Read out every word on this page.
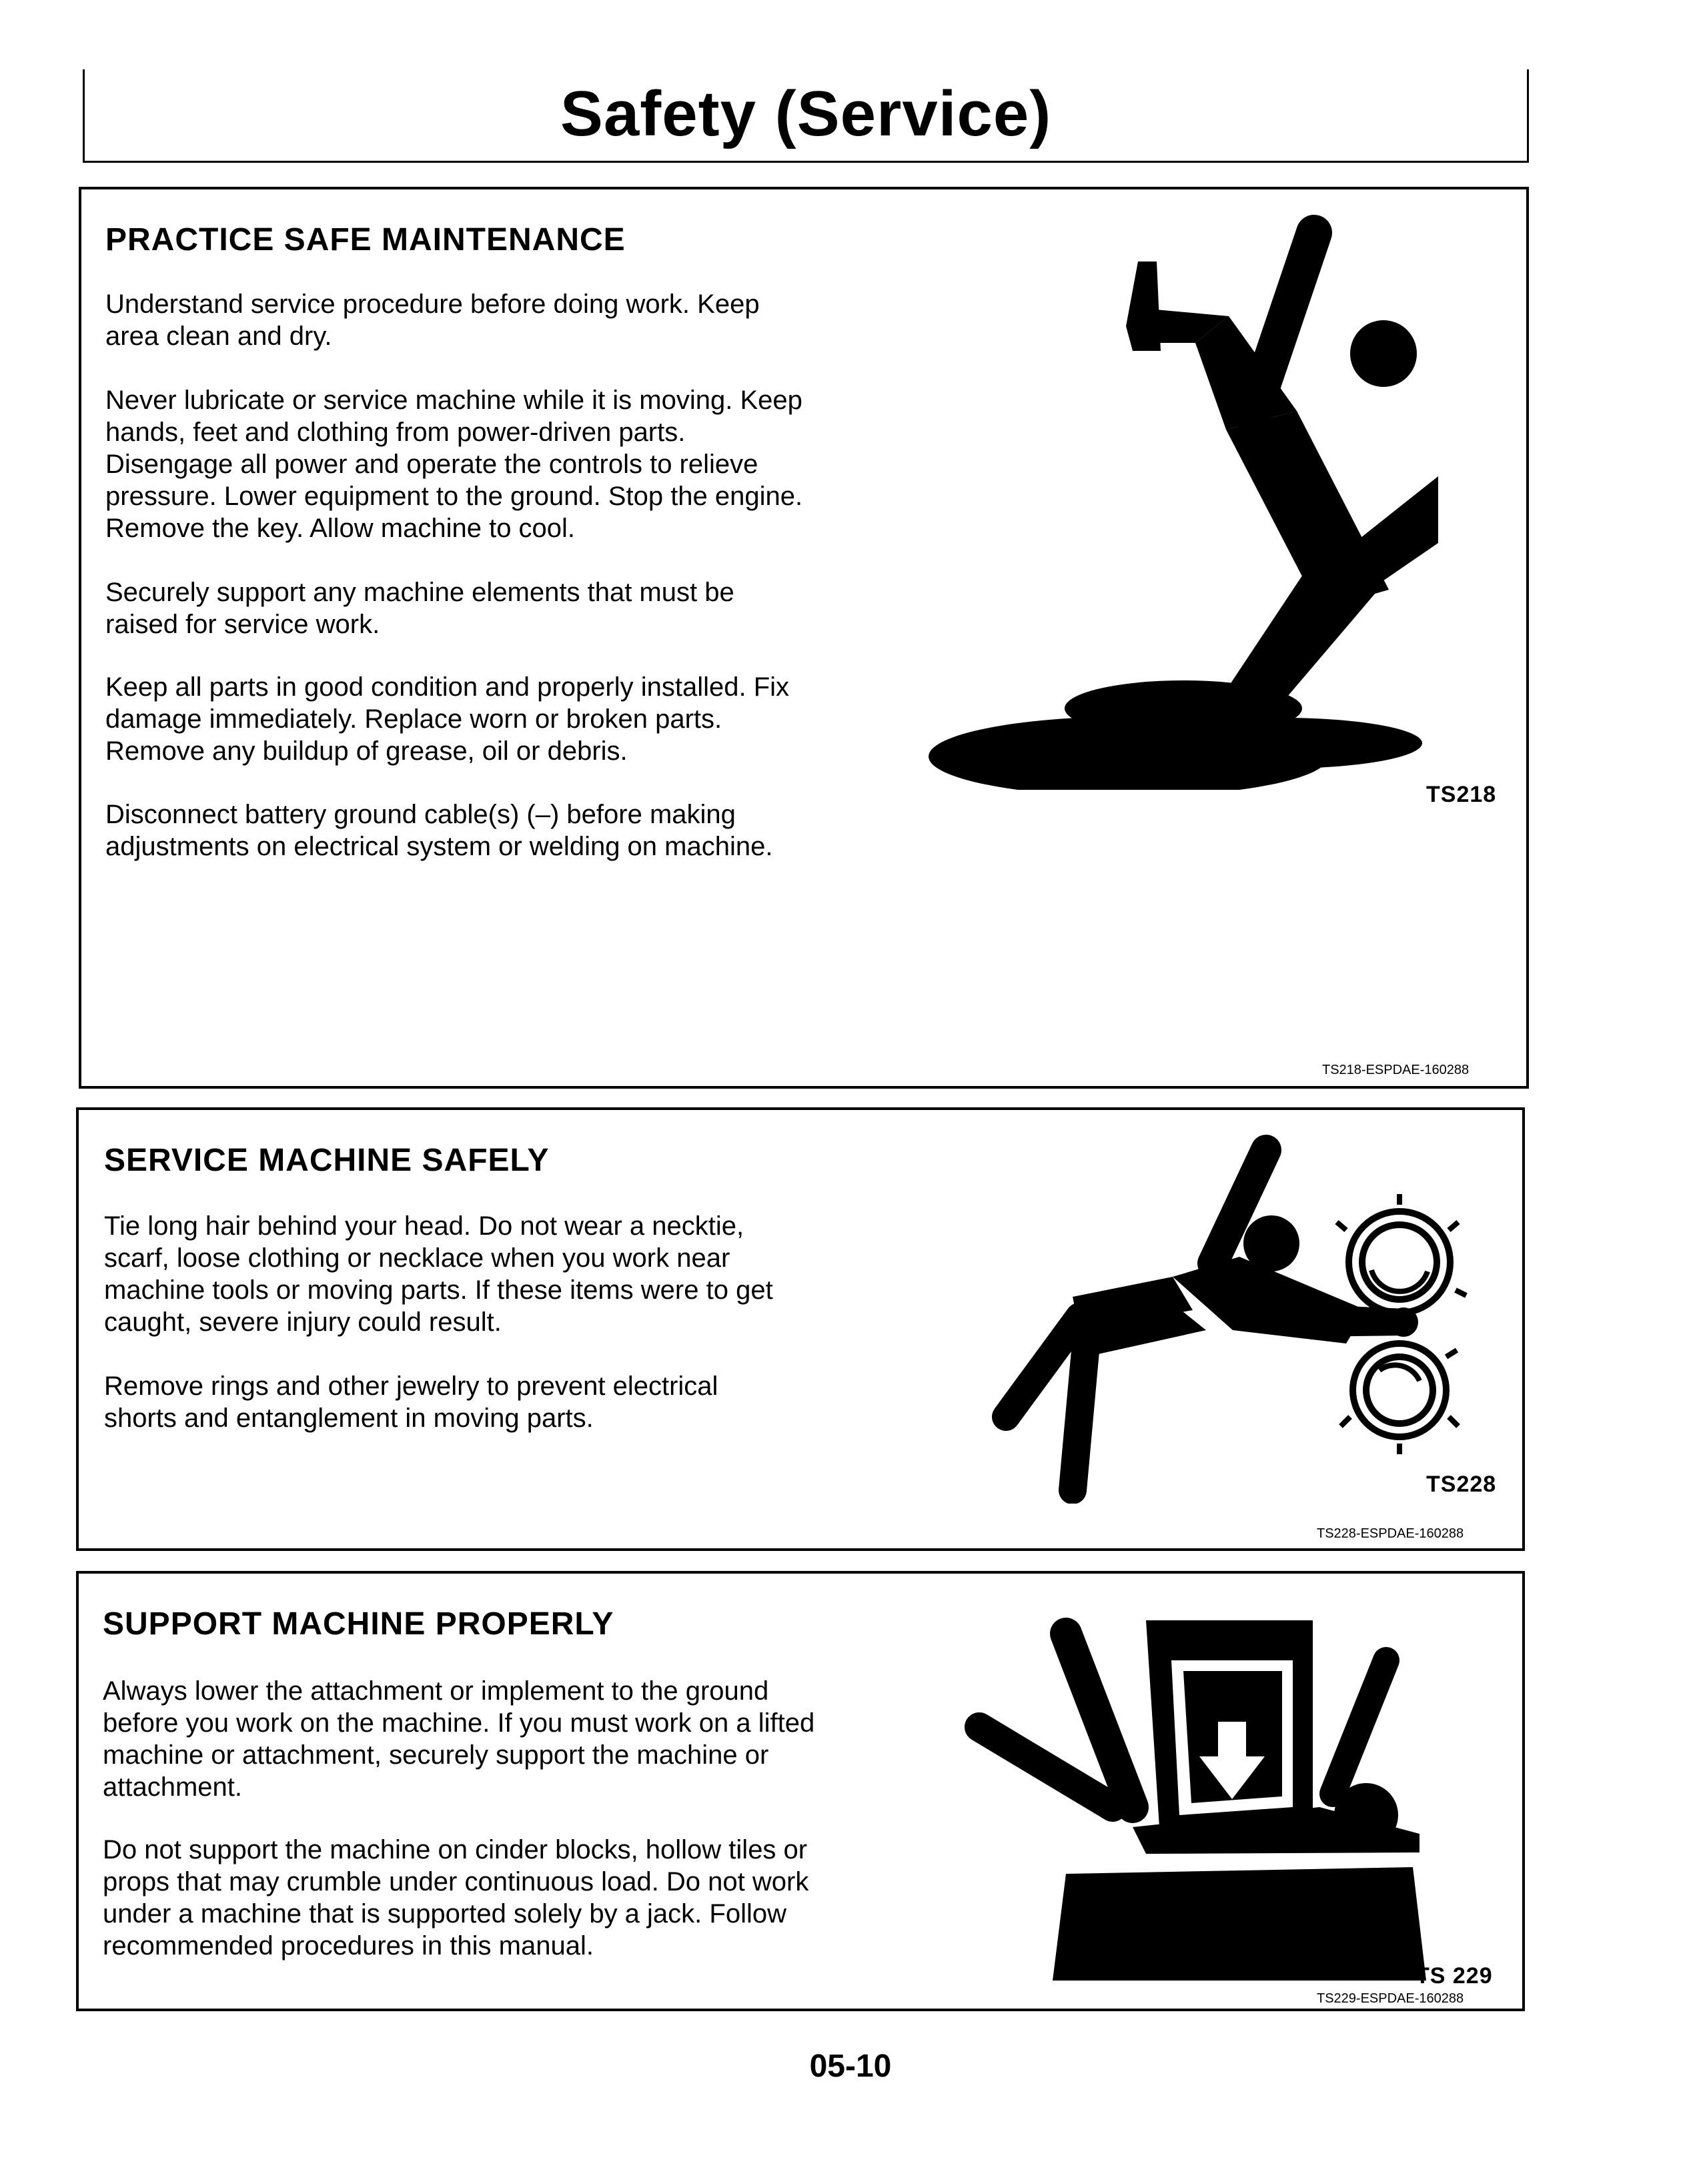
Safety (Service)
PRACTICE SAFE MAINTENANCE

Understand service procedure before doing work. Keep area clean and dry.

Never lubricate or service machine while it is moving. Keep hands, feet and clothing from power-driven parts. Disengage all power and operate the controls to relieve pressure. Lower equipment to the ground. Stop the engine. Remove the key. Allow machine to cool.

Securely support any machine elements that must be raised for service work.

Keep all parts in good condition and properly installed. Fix damage immediately. Replace worn or broken parts. Remove any buildup of grease, oil or debris.

Disconnect battery ground cable(s) (–) before making adjustments on electrical system or welding on machine.

TS218
TS218-ESPDAE-160288
SERVICE MACHINE SAFELY

Tie long hair behind your head. Do not wear a necktie, scarf, loose clothing or necklace when you work near machine tools or moving parts. If these items were to get caught, severe injury could result.

Remove rings and other jewelry to prevent electrical shorts and entanglement in moving parts.

TS228
TS228-ESPDAE-160288
SUPPORT MACHINE PROPERLY

Always lower the attachment or implement to the ground before you work on the machine. If you must work on a lifted machine or attachment, securely support the machine or attachment.

Do not support the machine on cinder blocks, hollow tiles or props that may crumble under continuous load. Do not work under a machine that is supported solely by a jack. Follow recommended procedures in this manual.

TS 229
TS229-ESPDAE-160288
05-10
